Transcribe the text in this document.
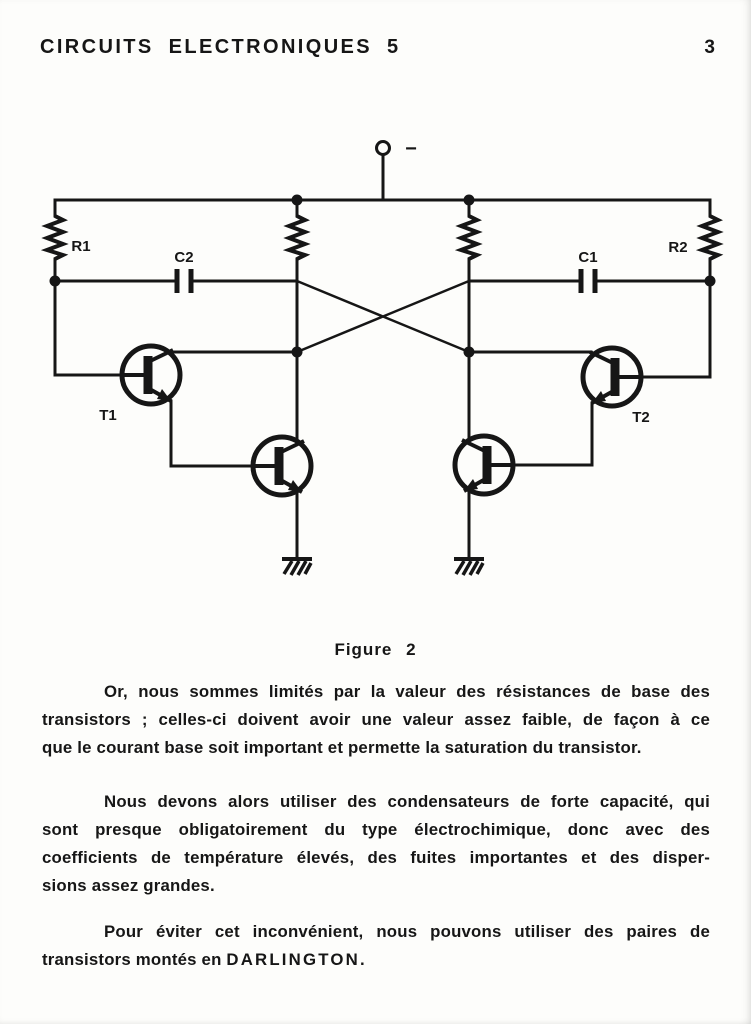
CIRCUITS ELECTRONIQUES 5	3
−
R1	R2
C2	C1
T1	T2
Figure 2
Or, nous sommes limités par la valeur des résistances de base des
transistors ; celles-ci doivent avoir une valeur assez faible, de façon à ce
que le courant base soit important et permette la saturation du transistor.
Nous devons alors utiliser des condensateurs de forte capacité, qui
sont presque obligatoirement du type électrochimique, donc avec des
coefficients de température élevés, des fuites importantes et des disper-
sions assez grandes.
Pour éviter cet inconvénient, nous pouvons utiliser des paires de
transistors montés en DARLINGTON.
